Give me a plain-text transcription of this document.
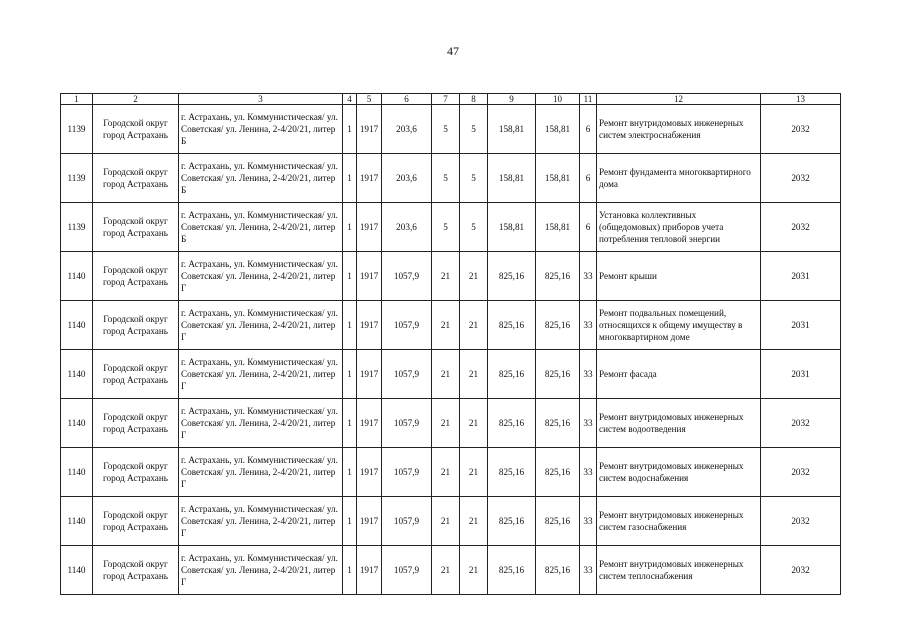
47
1	2	3	4	5	6	7	8	9	10	11	12	13
1139	Городской округ город Астрахань	г. Астрахань, ул. Коммунистическая/ ул. Советская/ ул. Ленина, 2-4/20/21, литер Б	1	1917	203,6	5	5	158,81	158,81	6	Ремонт внутридомовых инженерных систем электроснабжения	2032
1139	Городской округ город Астрахань	г. Астрахань, ул. Коммунистическая/ ул. Советская/ ул. Ленина, 2-4/20/21, литер Б	1	1917	203,6	5	5	158,81	158,81	6	Ремонт фундамента многоквартирного дома	2032
1139	Городской округ город Астрахань	г. Астрахань, ул. Коммунистическая/ ул. Советская/ ул. Ленина, 2-4/20/21, литер Б	1	1917	203,6	5	5	158,81	158,81	6	Установка коллективных (общедомовых) приборов учета потребления тепловой энергии	2032
1140	Городской округ город Астрахань	г. Астрахань, ул. Коммунистическая/ ул. Советская/ ул. Ленина, 2-4/20/21, литер Г	1	1917	1057,9	21	21	825,16	825,16	33	Ремонт крыши	2031
1140	Городской округ город Астрахань	г. Астрахань, ул. Коммунистическая/ ул. Советская/ ул. Ленина, 2-4/20/21, литер Г	1	1917	1057,9	21	21	825,16	825,16	33	Ремонт подвальных помещений, относящихся к общему имуществу в многоквартирном доме	2031
1140	Городской округ город Астрахань	г. Астрахань, ул. Коммунистическая/ ул. Советская/ ул. Ленина, 2-4/20/21, литер Г	1	1917	1057,9	21	21	825,16	825,16	33	Ремонт фасада	2031
1140	Городской округ город Астрахань	г. Астрахань, ул. Коммунистическая/ ул. Советская/ ул. Ленина, 2-4/20/21, литер Г	1	1917	1057,9	21	21	825,16	825,16	33	Ремонт внутридомовых инженерных систем водоотведения	2032
1140	Городской округ город Астрахань	г. Астрахань, ул. Коммунистическая/ ул. Советская/ ул. Ленина, 2-4/20/21, литер Г	1	1917	1057,9	21	21	825,16	825,16	33	Ремонт внутридомовых инженерных систем водоснабжения	2032
1140	Городской округ город Астрахань	г. Астрахань, ул. Коммунистическая/ ул. Советская/ ул. Ленина, 2-4/20/21, литер Г	1	1917	1057,9	21	21	825,16	825,16	33	Ремонт внутридомовых инженерных систем газоснабжения	2032
1140	Городской округ город Астрахань	г. Астрахань, ул. Коммунистическая/ ул. Советская/ ул. Ленина, 2-4/20/21, литер Г	1	1917	1057,9	21	21	825,16	825,16	33	Ремонт внутридомовых инженерных систем теплоснабжения	2032
